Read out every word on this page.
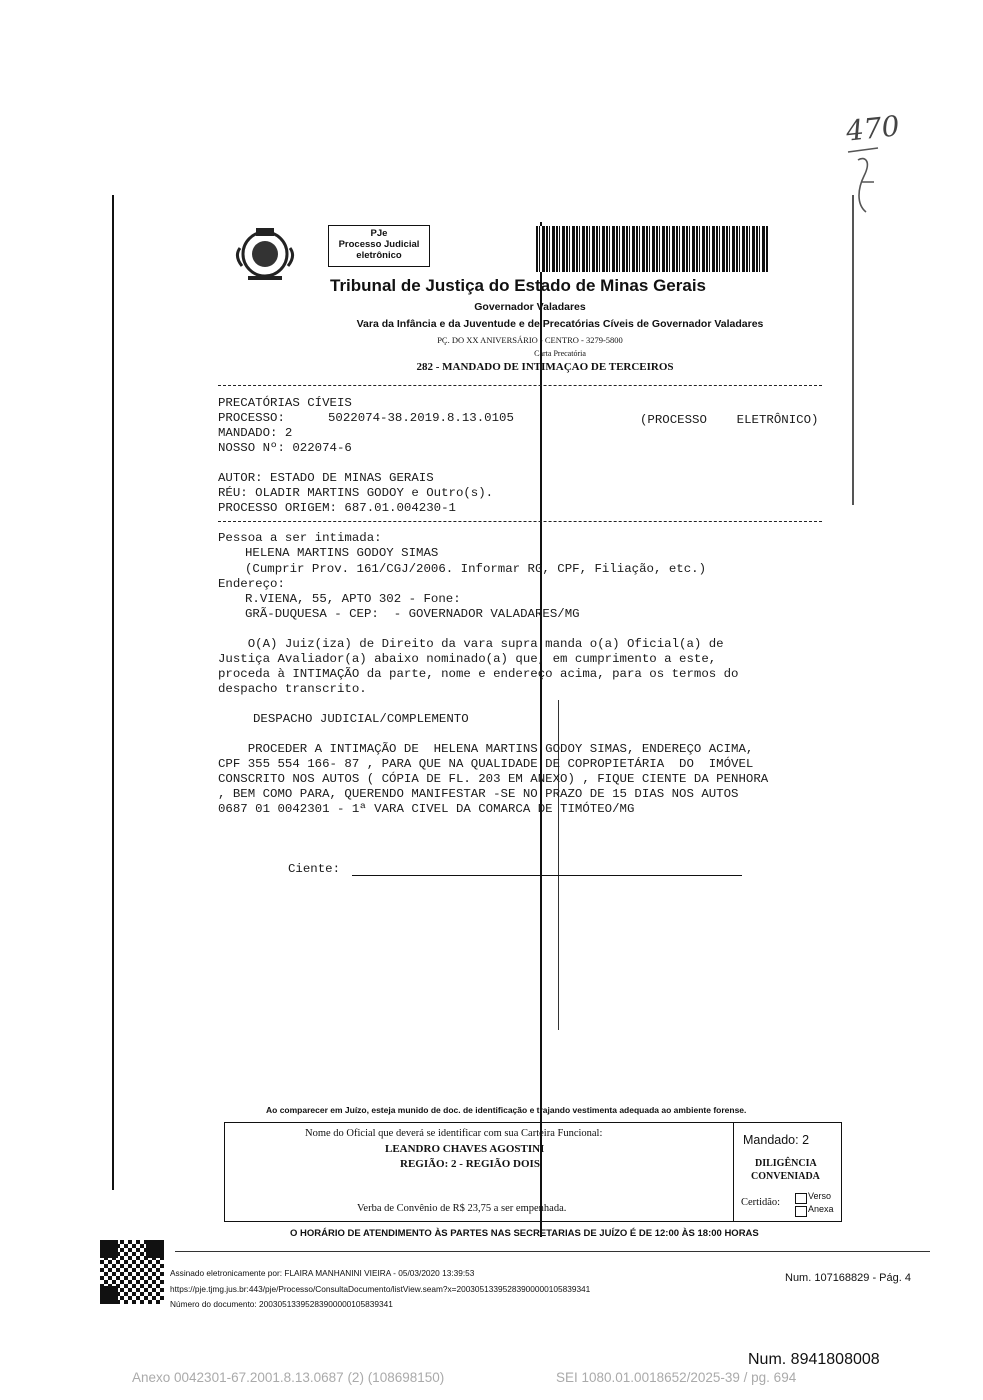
470
PJe
Processo Judicial
eletrônico
Tribunal de Justiça do Estado de Minas Gerais
Governador Valadares
Vara da Infância e da Juventude e de Precatórias Cíveis de Governador Valadares
PÇ. DO XX ANIVERSÁRIO - CENTRO - 3279-5800
Carta Precatória
282 - MANDADO DE INTIMAÇAO DE TERCEIROS
PRECATÓRIAS CÍVEIS
PROCESSO:	5022074-38.2019.8.13.0105	(PROCESSO    ELETRÔNICO)
MANDADO: 2
NOSSO Nº: 022074-6
AUTOR: ESTADO DE MINAS GERAIS
RÉU: OLADIR MARTINS GODOY e Outro(s).
PROCESSO ORIGEM: 687.01.004230-1
Pessoa a ser intimada:
HELENA MARTINS GODOY SIMAS
(Cumprir Prov. 161/CGJ/2006. Informar RG, CPF, Filiação, etc.)
Endereço:
R.VIENA, 55, APTO 302 - Fone:
GRÃ-DUQUESA - CEP:  - GOVERNADOR VALADARES/MG
O(A) Juiz(iza) de Direito da vara supra manda o(a) Oficial(a) de
Justiça Avaliador(a) abaixo nominado(a) que, em cumprimento a este,
proceda à INTIMAÇÃO da parte, nome e endereço acima, para os termos do
despacho transcrito.
DESPACHO JUDICIAL/COMPLEMENTO
PROCEDER A INTIMAÇÃO DE  HELENA MARTINS GODOY SIMAS, ENDEREÇO ACIMA,
CPF 355 554 166- 87 , PARA QUE NA QUALIDADE DE COPROPIETÁRIA  DO  IMÓVEL
CONSCRITO NOS AUTOS ( CÓPIA DE FL. 203 EM ANEXO) , FIQUE CIENTE DA PENHORA
, BEM COMO PARA, QUERENDO MANIFESTAR -SE NO PRAZO DE 15 DIAS NOS AUTOS
0687 01 0042301 - 1ª VARA CIVEL DA COMARCA DE TIMÓTEO/MG
Ciente:
Ao comparecer em Juízo, esteja munido de doc. de identificação e trajando vestimenta adequada ao ambiente forense.
Nome do Oficial que deverá se identificar com sua Carteira Funcional:
LEANDRO CHAVES AGOSTINI
REGIÃO: 2 - REGIÃO DOIS
Verba de Convênio de R$ 23,75 a ser empenhada.
Mandado: 2
DILIGÊNCIA
CONVENIADA
Certidão:
Verso
Anexa
O HORÁRIO DE ATENDIMENTO ÀS PARTES NAS SECRETARIAS DE JUÍZO É DE 12:00 ÀS 18:00 HORAS
Assinado eletronicamente por: FLAIRA MANHANINI VIEIRA - 05/03/2020 13:39:53
https://pje.tjmg.jus.br:443/pje/Processo/ConsultaDocumento/listView.seam?x=20030513395283900000105839341
Número do documento: 20030513395283900000105839341
Num. 107168829 - Pág. 4
Num. 8941808008
Anexo 0042301-67.2001.8.13.0687 (2) (108698150)	SEI 1080.01.0018652/2025-39 / pg. 694
